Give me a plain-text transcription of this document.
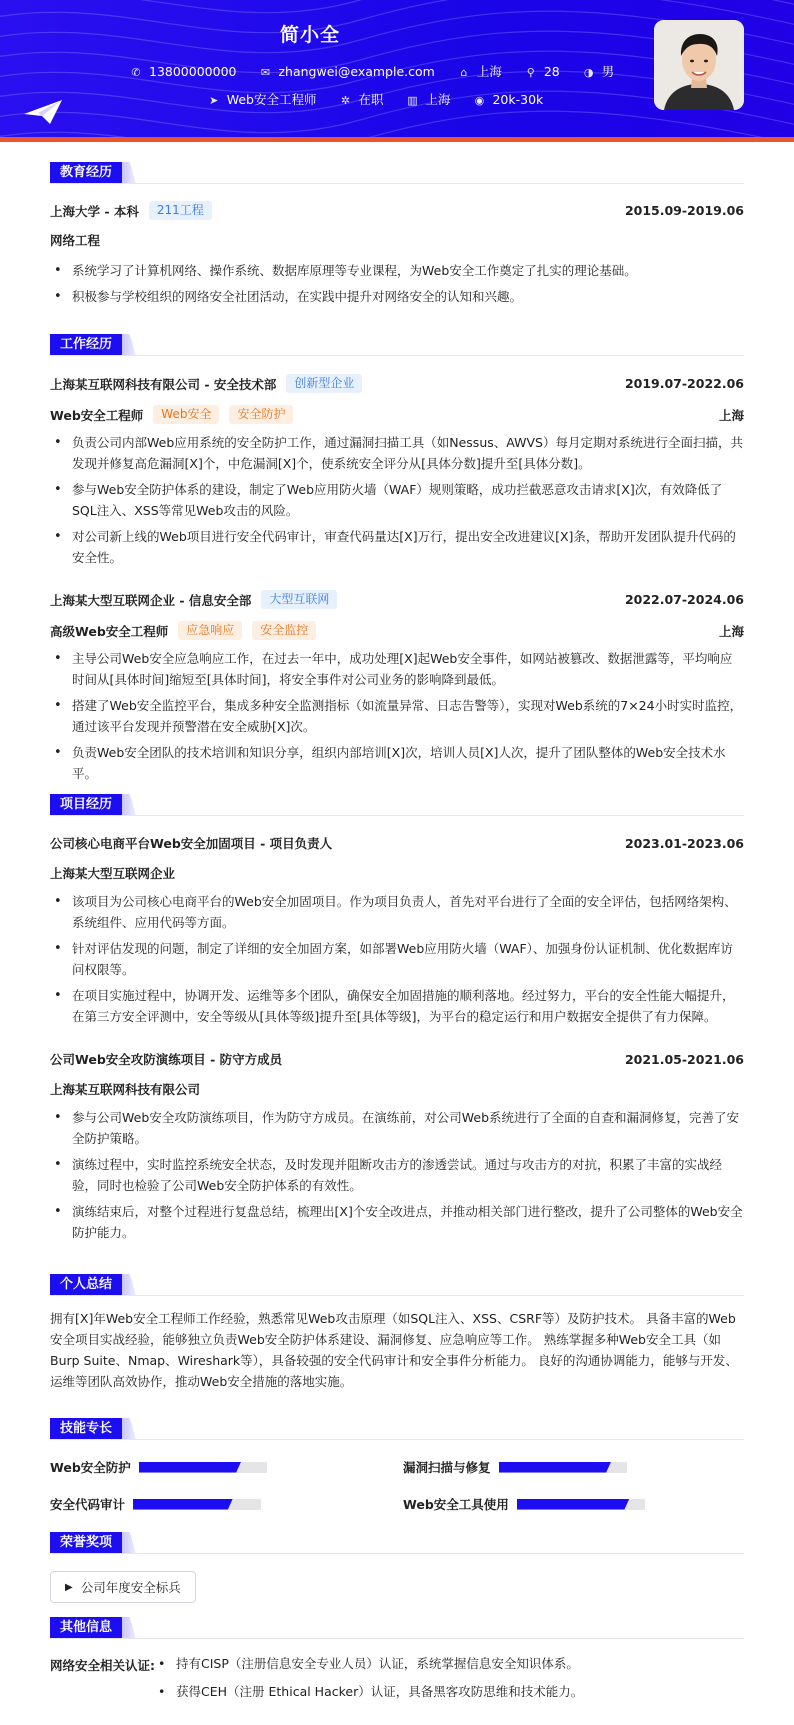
简小全
✆ 13800000000 ✉ zhangwei@example.com ⌂ 上海 ⚲ 28 ◑ 男
➤ Web安全工程师 ✲ 在职 ▥ 上海 ◉ 20k-30k
教育经历
上海大学 - 本科	211工程	2015.09-2019.06
网络工程
• 系统学习了计算机网络、操作系统、数据库原理等专业课程，为Web安全工作奠定了扎实的理论基础。
• 积极参与学校组织的网络安全社团活动，在实践中提升对网络安全的认知和兴趣。
工作经历
上海某互联网科技有限公司 - 安全技术部	创新型企业	2019.07-2022.06
Web安全工程师	Web安全	安全防护	上海
• 负责公司内部Web应用系统的安全防护工作，通过漏洞扫描工具（如Nessus、AWVS）每月定期对系统进行全面扫描，共发现并修复高危漏洞[X]个，中危漏洞[X]个，使系统安全评分从[具体分数]提升至[具体分数]。
• 参与Web安全防护体系的建设，制定了Web应用防火墙（WAF）规则策略，成功拦截恶意攻击请求[X]次，有效降低了SQL注入、XSS等常见Web攻击的风险。
• 对公司新上线的Web项目进行安全代码审计，审查代码量达[X]万行，提出安全改进建议[X]条，帮助开发团队提升代码的安全性。
上海某大型互联网企业 - 信息安全部	大型互联网	2022.07-2024.06
高级Web安全工程师	应急响应	安全监控	上海
• 主导公司Web安全应急响应工作，在过去一年中，成功处理[X]起Web安全事件，如网站被篡改、数据泄露等，平均响应时间从[具体时间]缩短至[具体时间]，将安全事件对公司业务的影响降到最低。
• 搭建了Web安全监控平台，集成多种安全监测指标（如流量异常、日志告警等），实现对Web系统的7×24小时实时监控，通过该平台发现并预警潜在安全威胁[X]次。
• 负责Web安全团队的技术培训和知识分享，组织内部培训[X]次，培训人员[X]人次，提升了团队整体的Web安全技术水平。
项目经历
公司核心电商平台Web安全加固项目 - 项目负责人	2023.01-2023.06
上海某大型互联网企业
• 该项目为公司核心电商平台的Web安全加固项目。作为项目负责人，首先对平台进行了全面的安全评估，包括网络架构、系统组件、应用代码等方面。
• 针对评估发现的问题，制定了详细的安全加固方案，如部署Web应用防火墙（WAF）、加强身份认证机制、优化数据库访问权限等。
• 在项目实施过程中，协调开发、运维等多个团队，确保安全加固措施的顺利落地。经过努力，平台的安全性能大幅提升，在第三方安全评测中，安全等级从[具体等级]提升至[具体等级]，为平台的稳定运行和用户数据安全提供了有力保障。
公司Web安全攻防演练项目 - 防守方成员	2021.05-2021.06
上海某互联网科技有限公司
• 参与公司Web安全攻防演练项目，作为防守方成员。在演练前，对公司Web系统进行了全面的自查和漏洞修复，完善了安全防护策略。
• 演练过程中，实时监控系统安全状态，及时发现并阻断攻击方的渗透尝试。通过与攻击方的对抗，积累了丰富的实战经验，同时也检验了公司Web安全防护体系的有效性。
• 演练结束后，对整个过程进行复盘总结，梳理出[X]个安全改进点，并推动相关部门进行整改，提升了公司整体的Web安全防护能力。
个人总结
拥有[X]年Web安全工程师工作经验，熟悉常见Web攻击原理（如SQL注入、XSS、CSRF等）及防护技术。 具备丰富的Web安全项目实战经验，能够独立负责Web安全防护体系建设、漏洞修复、应急响应等工作。 熟练掌握多种Web安全工具（如Burp Suite、Nmap、Wireshark等），具备较强的安全代码审计和安全事件分析能力。 良好的沟通协调能力，能够与开发、运维等团队高效协作，推动Web安全措施的落地实施。
技能专长
Web安全防护	漏洞扫描与修复
安全代码审计	Web安全工具使用
荣誉奖项
▶ 公司年度安全标兵
其他信息
网络安全相关认证:
•	持有CISP（注册信息安全专业人员）认证，系统掌握信息安全知识体系。
• 获得CEH（注册 Ethical Hacker）认证，具备黑客攻防思维和技术能力。
